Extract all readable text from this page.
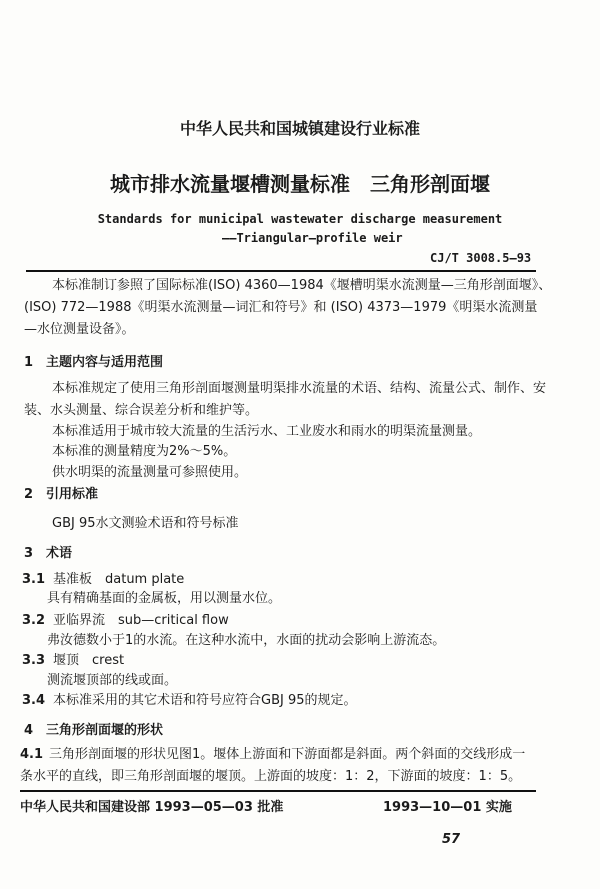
中华人民共和国城镇建设行业标准
城市排水流量堰槽测量标准　三角形剖面堰
Standards for municipal wastewater discharge measurement
——Triangular—profile weir
CJ/T 3008.5—93
本标准制订参照了国际标准(ISO) 4360—1984《堰槽明渠水流测量—三角形剖面堰》、
(ISO) 772—1988《明渠水流测量—词汇和符号》和 (ISO) 4373—1979《明渠水流测量
—水位测量设备》。
1　主题内容与适用范围
本标准规定了使用三角形剖面堰测量明渠排水流量的术语、结构、流量公式、制作、安
装、水头测量、综合误差分析和维护等。
本标准适用于城市较大流量的生活污水、工业废水和雨水的明渠流量测量。
本标准的测量精度为2%～5%。
供水明渠的流量测量可参照使用。
2　引用标准
GBJ 95水文测验术语和符号标准
3　术语
3.1 基准板　datum plate
具有精确基面的金属板，用以测量水位。
3.2 亚临界流　sub—critical flow
弗汝德数小于1的水流。在这种水流中，水面的扰动会影响上游流态。
3.3 堰顶　crest
测流堰顶部的线或面。
3.4 本标准采用的其它术语和符号应符合GBJ 95的规定。
4　三角形剖面堰的形状
4.1 三角形剖面堰的形状见图1。堰体上游面和下游面都是斜面。两个斜面的交线形成一
条水平的直线，即三角形剖面堰的堰顶。上游面的坡度：1：2，下游面的坡度：1：5。
中华人民共和国建设部 1993—05—03 批准	1993—10—01 实施
57
